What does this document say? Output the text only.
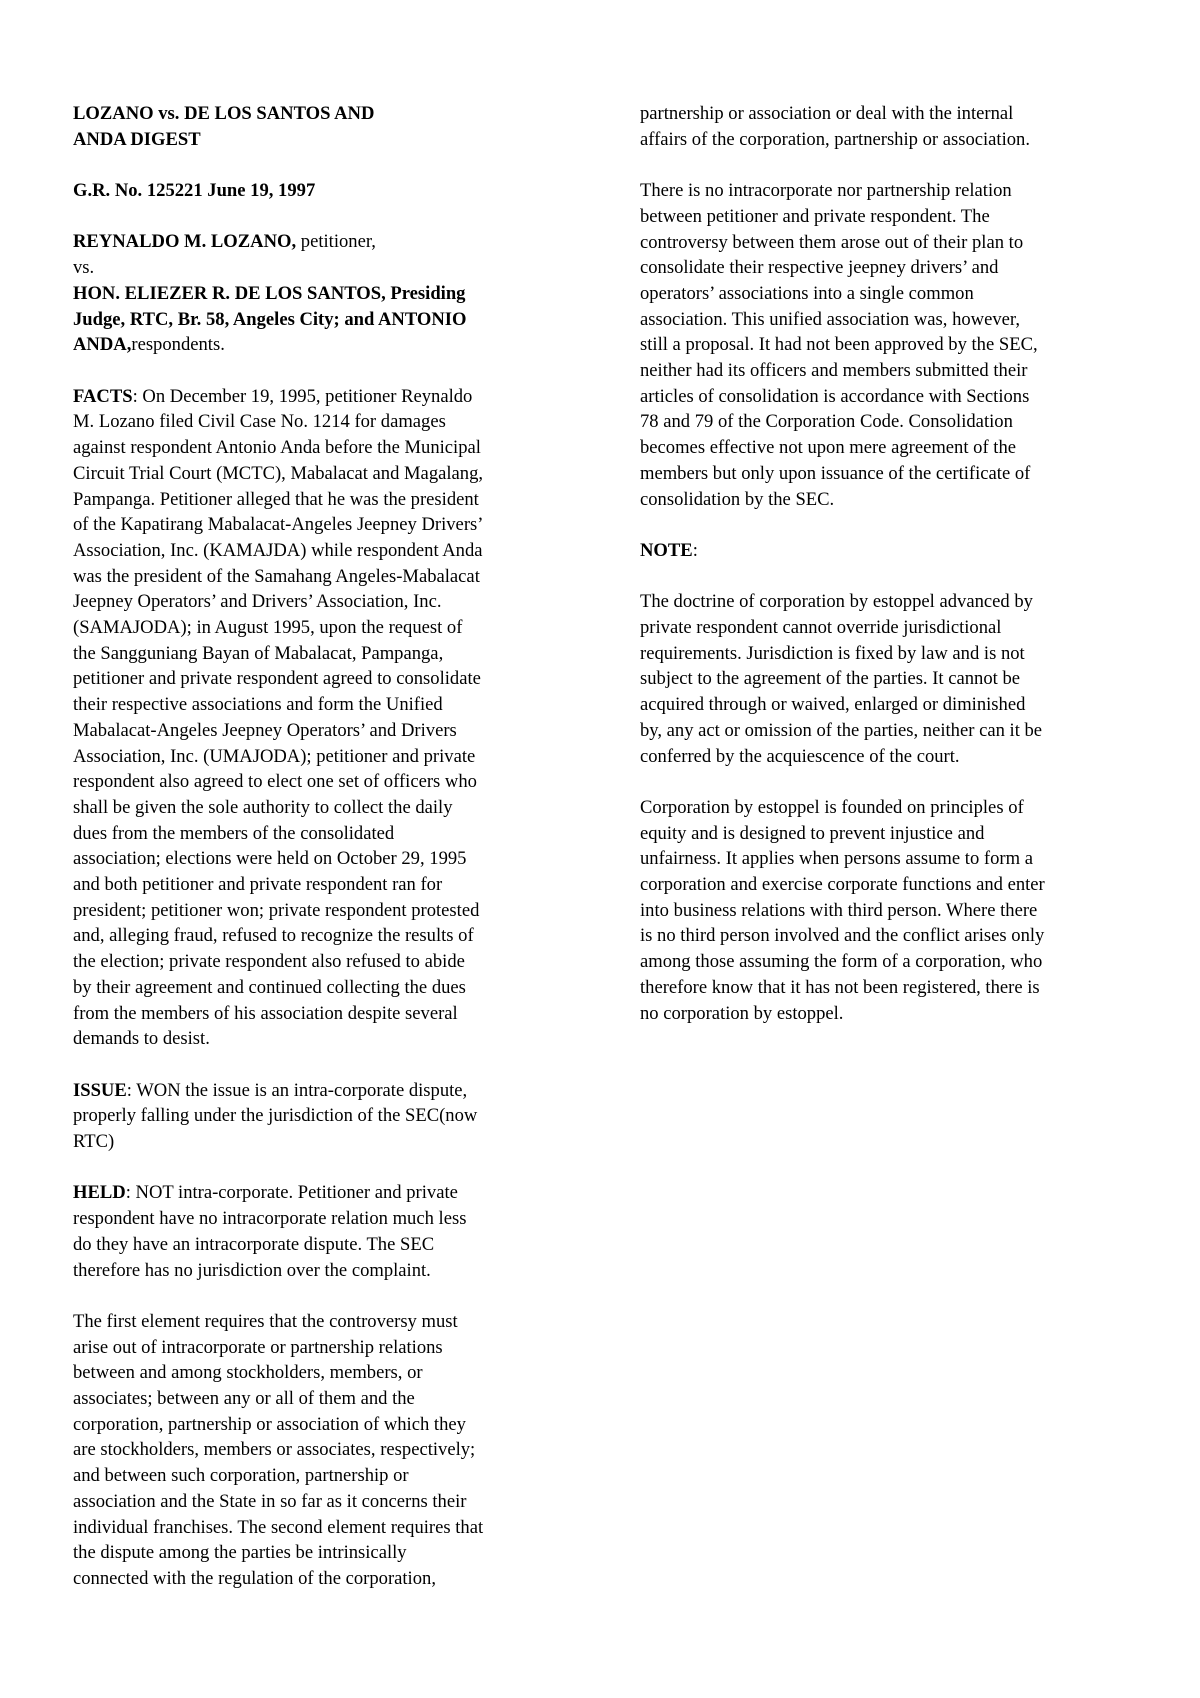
LOZANO vs. DE LOS SANTOS AND
ANDA DIGEST

G.R. No. 125221 June 19, 1997

REYNALDO M. LOZANO, petitioner,
vs.
HON. ELIEZER R. DE LOS SANTOS, Presiding
Judge, RTC, Br. 58, Angeles City; and ANTONIO
ANDA,respondents.

FACTS: On December 19, 1995, petitioner Reynaldo
M. Lozano filed Civil Case No. 1214 for damages
against respondent Antonio Anda before the Municipal
Circuit Trial Court (MCTC), Mabalacat and Magalang,
Pampanga. Petitioner alleged that he was the president
of the Kapatirang Mabalacat-Angeles Jeepney Drivers’
Association, Inc. (KAMAJDA) while respondent Anda
was the president of the Samahang Angeles-Mabalacat
Jeepney Operators’ and Drivers’ Association, Inc.
(SAMAJODA); in August 1995, upon the request of
the Sangguniang Bayan of Mabalacat, Pampanga,
petitioner and private respondent agreed to consolidate
their respective associations and form the Unified
Mabalacat-Angeles Jeepney Operators’ and Drivers
Association, Inc. (UMAJODA); petitioner and private
respondent also agreed to elect one set of officers who
shall be given the sole authority to collect the daily
dues from the members of the consolidated
association; elections were held on October 29, 1995
and both petitioner and private respondent ran for
president; petitioner won; private respondent protested
and, alleging fraud, refused to recognize the results of
the election; private respondent also refused to abide
by their agreement and continued collecting the dues
from the members of his association despite several
demands to desist.

ISSUE: WON the issue is an intra-corporate dispute,
properly falling under the jurisdiction of the SEC(now
RTC)

HELD: NOT intra-corporate. Petitioner and private
respondent have no intracorporate relation much less
do they have an intracorporate dispute. The SEC
therefore has no jurisdiction over the complaint.

The first element requires that the controversy must
arise out of intracorporate or partnership relations
between and among stockholders, members, or
associates; between any or all of them and the
corporation, partnership or association of which they
are stockholders, members or associates, respectively;
and between such corporation, partnership or
association and the State in so far as it concerns their
individual franchises. The second element requires that
the dispute among the parties be intrinsically
connected with the regulation of the corporation,

partnership or association or deal with the internal
affairs of the corporation, partnership or association.

There is no intracorporate nor partnership relation
between petitioner and private respondent. The
controversy between them arose out of their plan to
consolidate their respective jeepney drivers’ and
operators’ associations into a single common
association. This unified association was, however,
still a proposal. It had not been approved by the SEC,
neither had its officers and members submitted their
articles of consolidation is accordance with Sections
78 and 79 of the Corporation Code. Consolidation
becomes effective not upon mere agreement of the
members but only upon issuance of the certificate of
consolidation by the SEC.

NOTE:

The doctrine of corporation by estoppel advanced by
private respondent cannot override jurisdictional
requirements. Jurisdiction is fixed by law and is not
subject to the agreement of the parties. It cannot be
acquired through or waived, enlarged or diminished
by, any act or omission of the parties, neither can it be
conferred by the acquiescence of the court.

Corporation by estoppel is founded on principles of
equity and is designed to prevent injustice and
unfairness. It applies when persons assume to form a
corporation and exercise corporate functions and enter
into business relations with third person. Where there
is no third person involved and the conflict arises only
among those assuming the form of a corporation, who
therefore know that it has not been registered, there is
no corporation by estoppel.
